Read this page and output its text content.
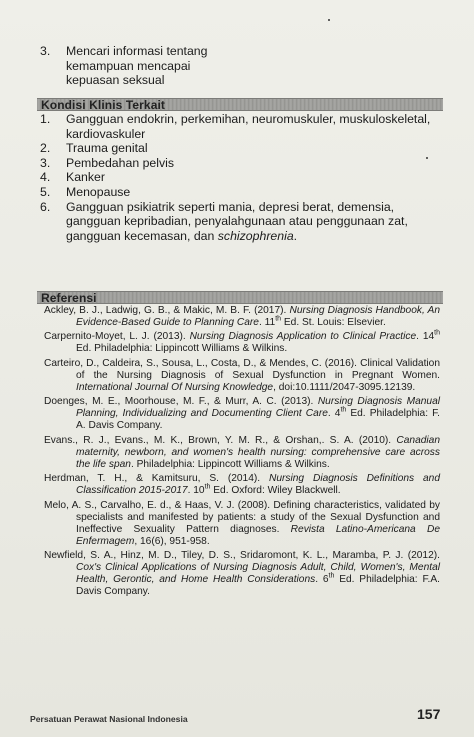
3.	Mencari informasi tentang kemampuan mencapai kepuasan seksual
Kondisi Klinis Terkait
1.	Gangguan endokrin, perkemihan, neuromuskuler, muskuloskeletal, kardiovaskuler
2.	Trauma genital
3.	Pembedahan pelvis
4.	Kanker
5.	Menopause
6.	Gangguan psikiatrik seperti mania, depresi berat, demensia, gangguan kepribadian, penyalahgunaan atau penggunaan zat, gangguan kecemasan, dan schizophrenia.
Referensi
Ackley, B. J., Ladwig, G. B., & Makic, M. B. F. (2017). Nursing Diagnosis Handbook, An Evidence-Based Guide to Planning Care. 11th Ed. St. Louis: Elsevier.
Carpernito-Moyet, L. J. (2013). Nursing Diagnosis Application to Clinical Practice. 14th Ed. Philadelphia: Lippincott Williams & Wilkins.
Carteiro, D., Caldeira, S., Sousa, L., Costa, D., & Mendes, C. (2016). Clinical Validation of the Nursing Diagnosis of Sexual Dysfunction in Pregnant Women. International Journal Of Nursing Knowledge, doi:10.1111/2047-3095.12139.
Doenges, M. E., Moorhouse, M. F., & Murr, A. C. (2013). Nursing Diagnosis Manual Planning, Individualizing and Documenting Client Care. 4th Ed. Philadelphia: F. A. Davis Company.
Evans., R. J., Evans., M. K., Brown, Y. M. R., & Orshan,. S. A. (2010). Canadian maternity, newborn, and women's health nursing: comprehensive care across the life span. Philadelphia: Lippincott Williams & Wilkins.
Herdman, T. H., & Kamitsuru, S. (2014). Nursing Diagnosis Definitions and Classification 2015-2017. 10th Ed. Oxford: Wiley Blackwell.
Melo, A. S., Carvalho, E. d., & Haas, V. J. (2008). Defining characteristics, validated by specialists and manifested by patients: a study of the Sexual Dysfunction and Ineffective Sexuality Pattern diagnoses. Revista Latino-Americana De Enfermagem, 16(6), 951-958.
Newfield, S. A., Hinz, M. D., Tiley, D. S., Sridaromont, K. L., Maramba, P. J. (2012). Cox's Clinical Applications of Nursing Diagnosis Adult, Child, Women's, Mental Health, Gerontic, and Home Health Considerations. 6th Ed. Philadelphia: F.A. Davis Company.
Persatuan Perawat Nasional Indonesia	157
